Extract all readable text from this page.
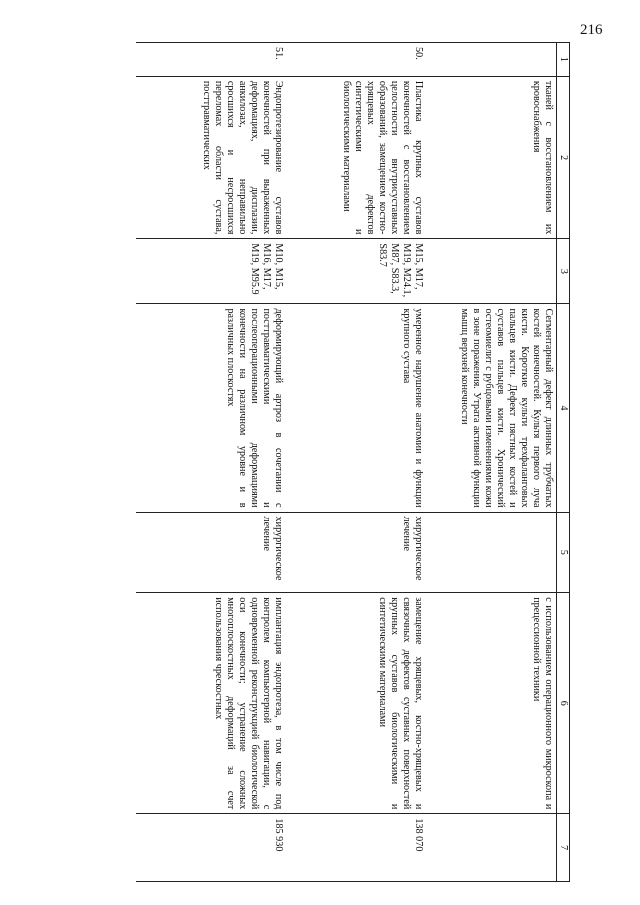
216
1	2	3	4	5	6	7
	тканей с восстановлением их кровоснабжения		Сегментарный дефект длинных трубчатых костей конечностей. Культя первого луча кисти. Короткие культи трехфаланговых пальцев кисти. Дефект пястных костей и суставов пальцев кисти. Хронический остеомиелит с рубцовыми изменениями кожи в зоне поражения. Утрата активной функции мышц верхней конечности		с использованием операционного микроскопа и прецессионной техники	
50.	Пластика крупных суставов конечностей с восстановлением целостности внутрисуставных образований, замещением костно-хрящевых дефектов синтетическими и биологическими материалами	M15, M17, M19, M24.1, M87, S83.3, S83.7	умеренное нарушение анатомии и функции крупного сустава	хирургическое лечение	замещение хрящевых, костно-хрящевых и связочных дефектов суставных поверхностей крупных суставов биологическими и синтетическими материалами	138 070
51.	Эндопротезирование суставов конечностей при выраженных деформациях, дисплазии, анкилозах, неправильно сросшихся и несросшихся переломах области сустава, посттравматических	M10, M15, M16, M17, M19, M95.9	деформирующий артроз в сочетании с посттравматическими и послеоперационными деформациями конечности на различном уровне и в различных плоскостях	хирургическое лечение	имплантация эндопротеза, в том числе под контролем компьютерной навигации, с одновременной реконструкцией биологической оси конечности; устранение сложных многоплоскостных деформаций за счет использования чрескостных	185 930
